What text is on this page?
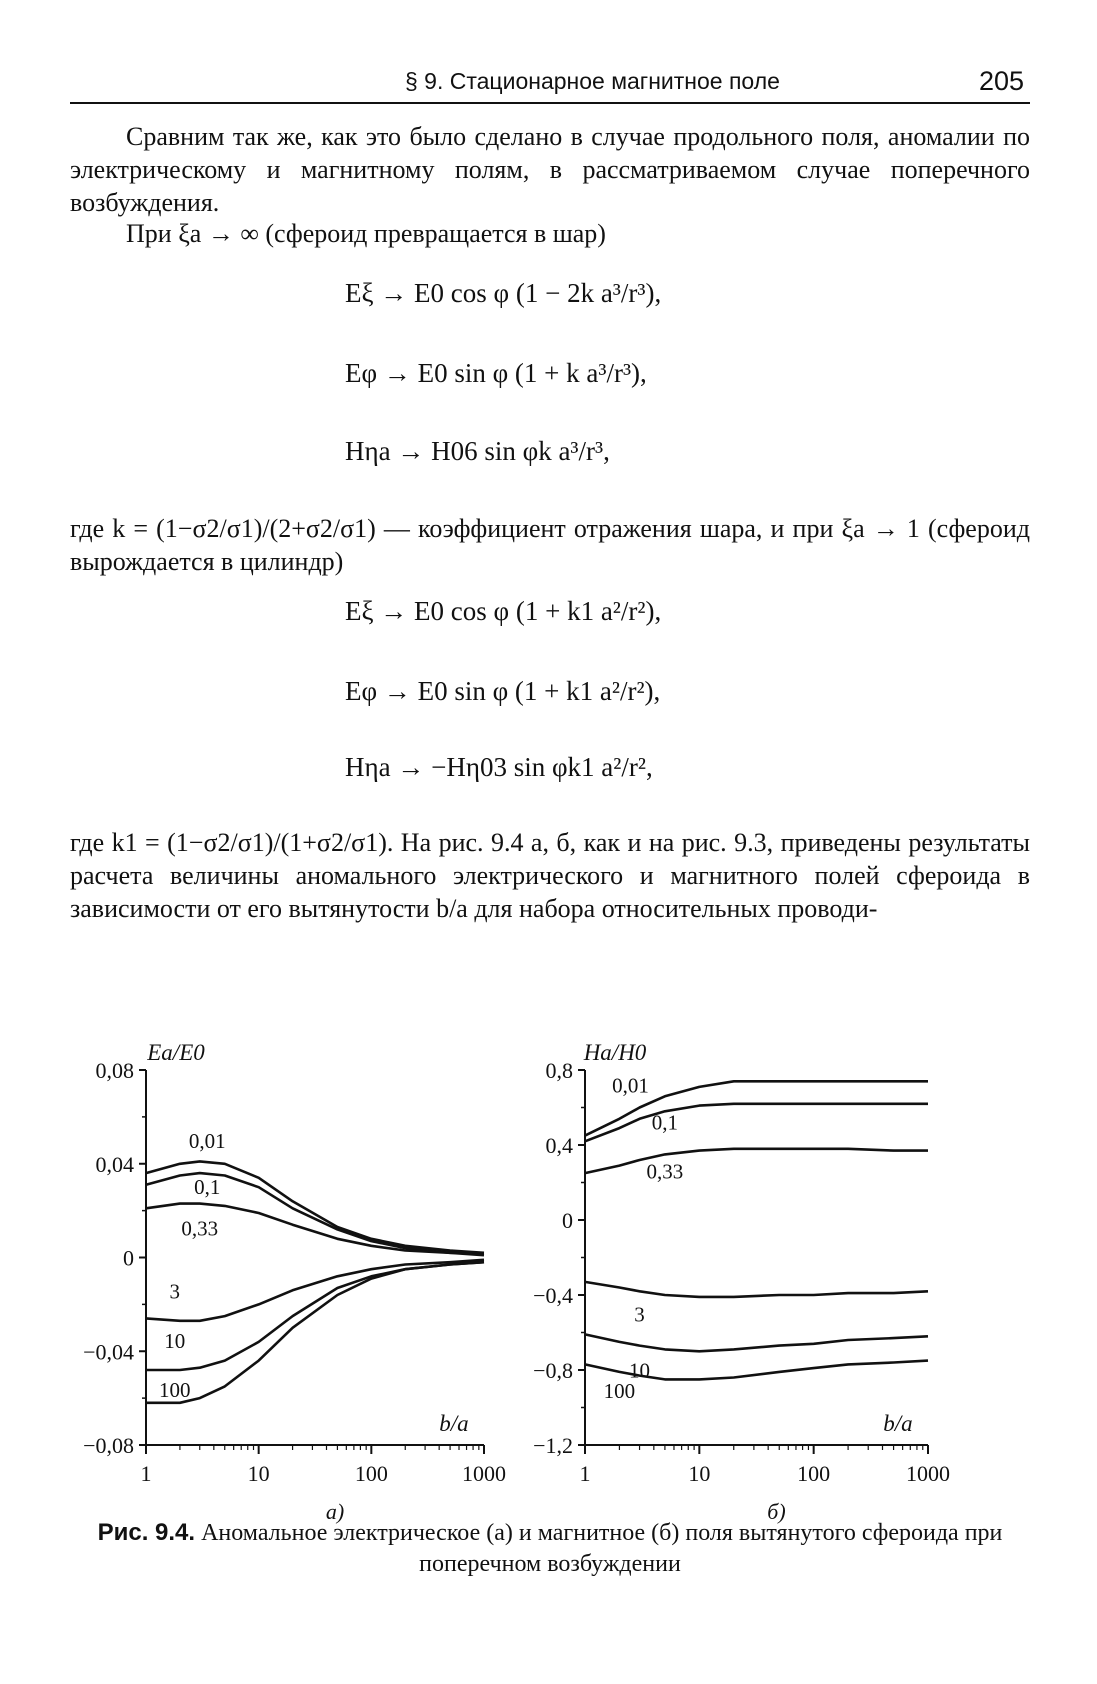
§ 9. Стационарное магнитное поле	205
Сравним так же, как это было сделано в случае продольного поля, аномалии по электрическому и магнитному полям, в рассматриваемом случае поперечного возбуждения.
При ξa → ∞ (сфероид превращается в шар)
Eξ → E0 cos φ (1 − 2k a³/r³),
Eφ → E0 sin φ (1 + k a³/r³),
Hηa → H06 sin φk a³/r³,
где k = (1−σ2/σ1)/(2+σ2/σ1) — коэффициент отражения шара, и при ξa → 1 (сфероид вырождается в цилиндр)
Eξ → E0 cos φ (1 + k1 a²/r²),
Eφ → E0 sin φ (1 + k1 a²/r²),
Hηa → −Hη03 sin φk1 a²/r²,
где k1 = (1−σ2/σ1)/(1+σ2/σ1). На рис. 9.4 а, б, как и на рис. 9.3, приведены результаты расчета величины аномального электрического и магнитного полей сфероида в зависимости от его вытянутости b/a для набора относительных проводи-
0,08
0,04
0
−0,04
−0,08
1	10	100	1000
Ea/E0
b/a
а)
0,01
0,1
0,33
3
10
100
0,8
0,4
0
−0,4
−0,8
−1,2
1	10	100	1000
Ha/H0
b/a
б)
0,01
0,1
0,33
3
10
100
Рис. 9.4. Аномальное электрическое (а) и магнитное (б) поля вытянутого сфероида при поперечном возбуждении
